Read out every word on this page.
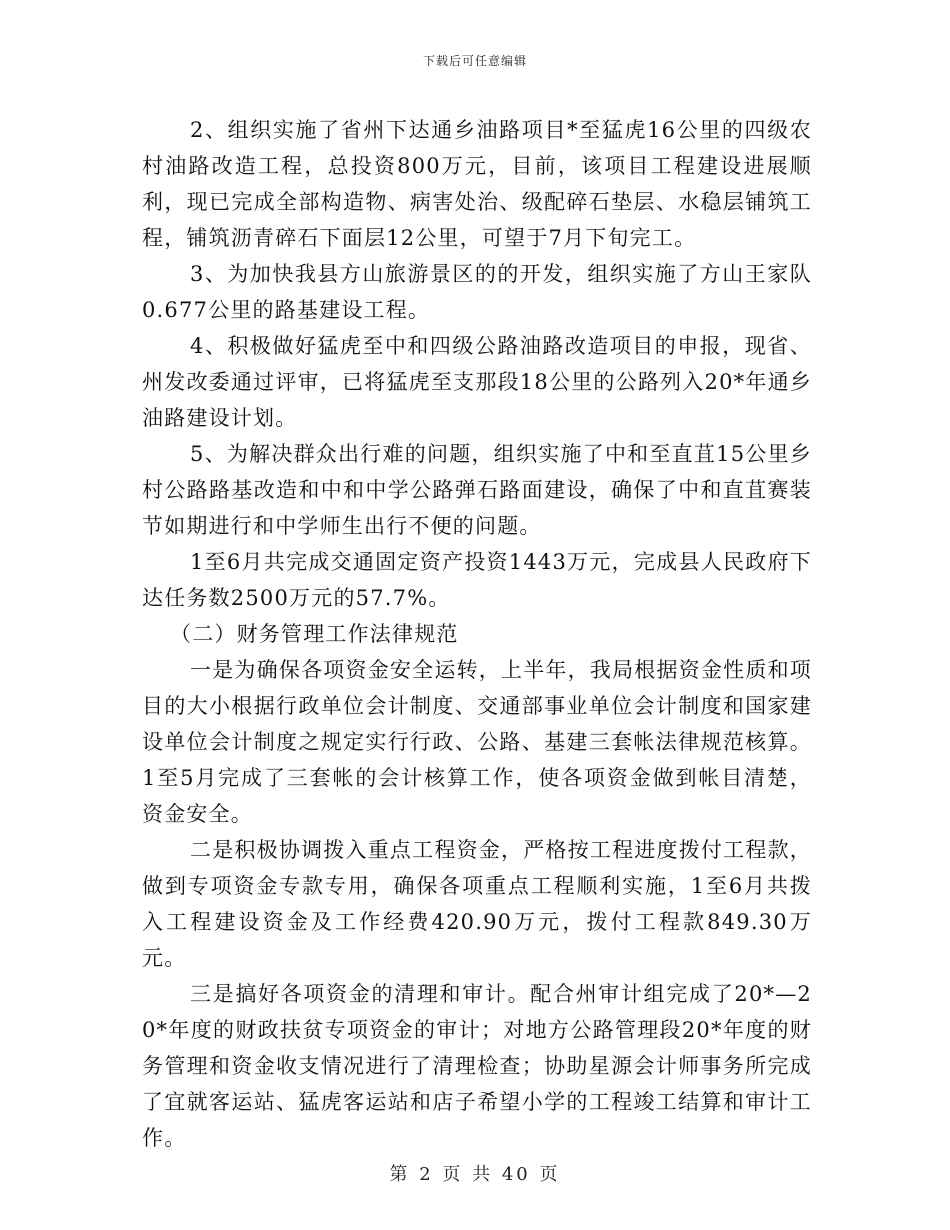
下载后可任意编辑

2、组织实施了省州下达通乡油路项目*至猛虎16公里的四级农村油路改造工程，总投资800万元，目前，该项目工程建设进展顺利，现已完成全部构造物、病害处治、级配碎石垫层、水稳层铺筑工程，铺筑沥青碎石下面层12公里，可望于7月下旬完工。

3、为加快我县方山旅游景区的的开发，组织实施了方山王家队0.677公里的路基建设工程。

4、积极做好猛虎至中和四级公路油路改造项目的申报，现省、州发改委通过评审，已将猛虎至支那段18公里的公路列入20*年通乡油路建设计划。

5、为解决群众出行难的问题，组织实施了中和至直苴15公里乡村公路路基改造和中和中学公路弹石路面建设，确保了中和直苴赛装节如期进行和中学师生出行不便的问题。

1至6月共完成交通固定资产投资1443万元，完成县人民政府下达任务数2500万元的57.7%。

（二）财务管理工作法律规范

一是为确保各项资金安全运转，上半年，我局根据资金性质和项目的大小根据行政单位会计制度、交通部事业单位会计制度和国家建设单位会计制度之规定实行行政、公路、基建三套帐法律规范核算。1至5月完成了三套帐的会计核算工作，使各项资金做到帐目清楚，资金安全。

二是积极协调拨入重点工程资金，严格按工程进度拨付工程款，做到专项资金专款专用，确保各项重点工程顺利实施，1至6月共拨入工程建设资金及工作经费420.90万元，拨付工程款849.30万元。

三是搞好各项资金的清理和审计。配合州审计组完成了20*—20*年度的财政扶贫专项资金的审计；对地方公路管理段20*年度的财务管理和资金收支情况进行了清理检查；协助星源会计师事务所完成了宜就客运站、猛虎客运站和店子希望小学的工程竣工结算和审计工作。

第 2 页 共 40 页
